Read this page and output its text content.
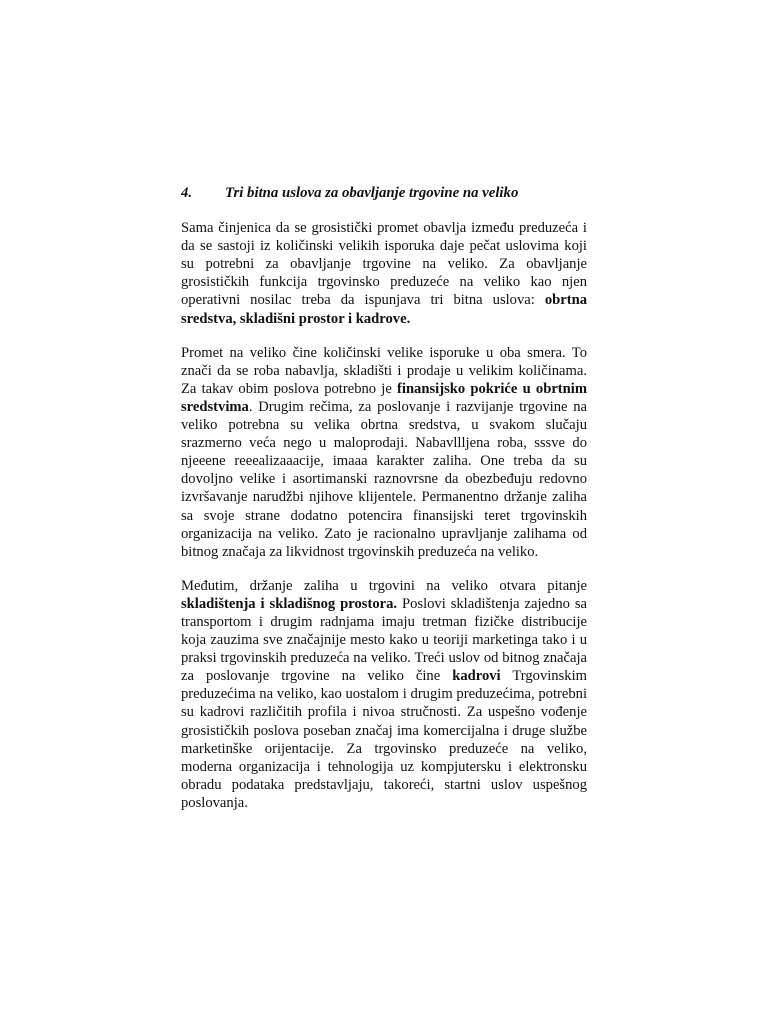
4.	Tri bitna uslova za obavljanje trgovine na veliko

Sama činjenica da se grosistički promet obavlja između preduzeća i da se sastoji iz količinski velikih isporuka daje pečat uslovima koji su potrebni za obavljanje trgovine na veliko. Za obavljanje grosističkih funkcija trgovinsko preduzeće na veliko kao njen operativni nosilac treba da ispunjava tri bitna uslova: obrtna sredstva, skladišni prostor i kadrove.

Promet na veliko čine količinski velike isporuke u oba smera. To znači da se roba nabavlja, skladišti i prodaje u velikim količinama. Za takav obim poslova potrebno je finansijsko pokriće u obrtnim sredstvima. Drugim rečima, za poslovanje i razvijanje trgovine na veliko potrebna su velika obrtna sredstva, u svakom slučaju srazmerno veća nego u maloprodaji. Nabavllljena roba, sssve do njeeene reeealizaaacije, imaaa karakter zaliha. One treba da su dovoljno velike i asortimanski raznovrsne da obezbeđuju redovno izvršavanje narudžbi njihove klijentele. Permanentno držanje zaliha sa svoje strane dodatno potencira finansijski teret trgovinskih organizacija na veliko. Zato je racionalno upravljanje zalihama od bitnog značaja za likvidnost trgovinskih preduzeća na veliko.

Međutim, držanje zaliha u trgovini na veliko otvara pitanje skladištenja i skladišnog prostora. Poslovi skladištenja zajedno sa transportom i drugim radnjama imaju tretman fizičke distribucije koja zauzima sve značajnije mesto kako u teoriji marketinga tako i u praksi trgovinskih preduzeća na veliko. Treći uslov od bitnog značaja za poslovanje trgovine na veliko čine kadrovi Trgovinskim preduzećima na veliko, kao uostalom i drugim preduzećima, potrebni su kadrovi različitih profila i nivoa stručnosti. Za uspešno vođenje grosističkih poslova poseban značaj ima komercijalna i druge službe marketinške orijentacije. Za trgovinsko preduzeće na veliko, moderna organizacija i tehnologija uz kompjutersku i elektronsku obradu podataka predstavljaju, takoreći, startni uslov uspešnog poslovanja.
